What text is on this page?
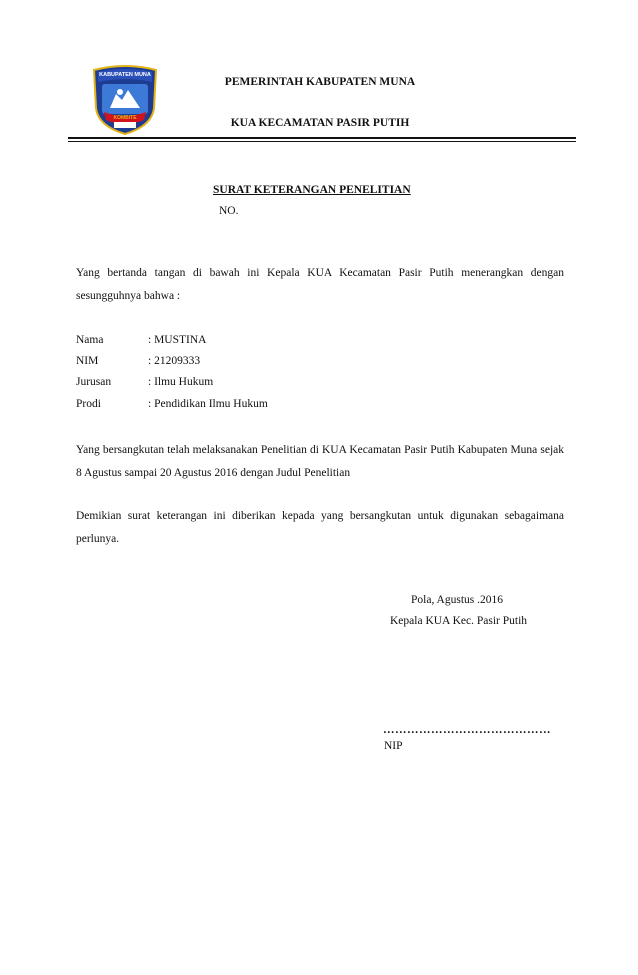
KABUPATEN MUNA
KOMBITE
PEMERINTAH KABUPATEN MUNA
KUA KECAMATAN PASIR PUTIH
SURAT KETERANGAN PENELITIAN
NO.
Yang bertanda tangan di bawah ini Kepala KUA Kecamatan Pasir Putih menerangkan dengan sesungguhnya bahwa :
Nama	: MUSTINA
NIM	: 21209333
Jurusan	: Ilmu Hukum
Prodi	: Pendidikan Ilmu Hukum
Yang bersangkutan telah melaksanakan Penelitian di KUA Kecamatan Pasir Putih Kabupaten Muna sejak 8 Agustus sampai 20 Agustus 2016 dengan Judul Penelitian
Demikian surat keterangan ini diberikan kepada yang bersangkutan untuk digunakan sebagaimana perlunya.
Pola, Agustus .2016
Kepala KUA Kec. Pasir Putih
……………………………………
NIP
